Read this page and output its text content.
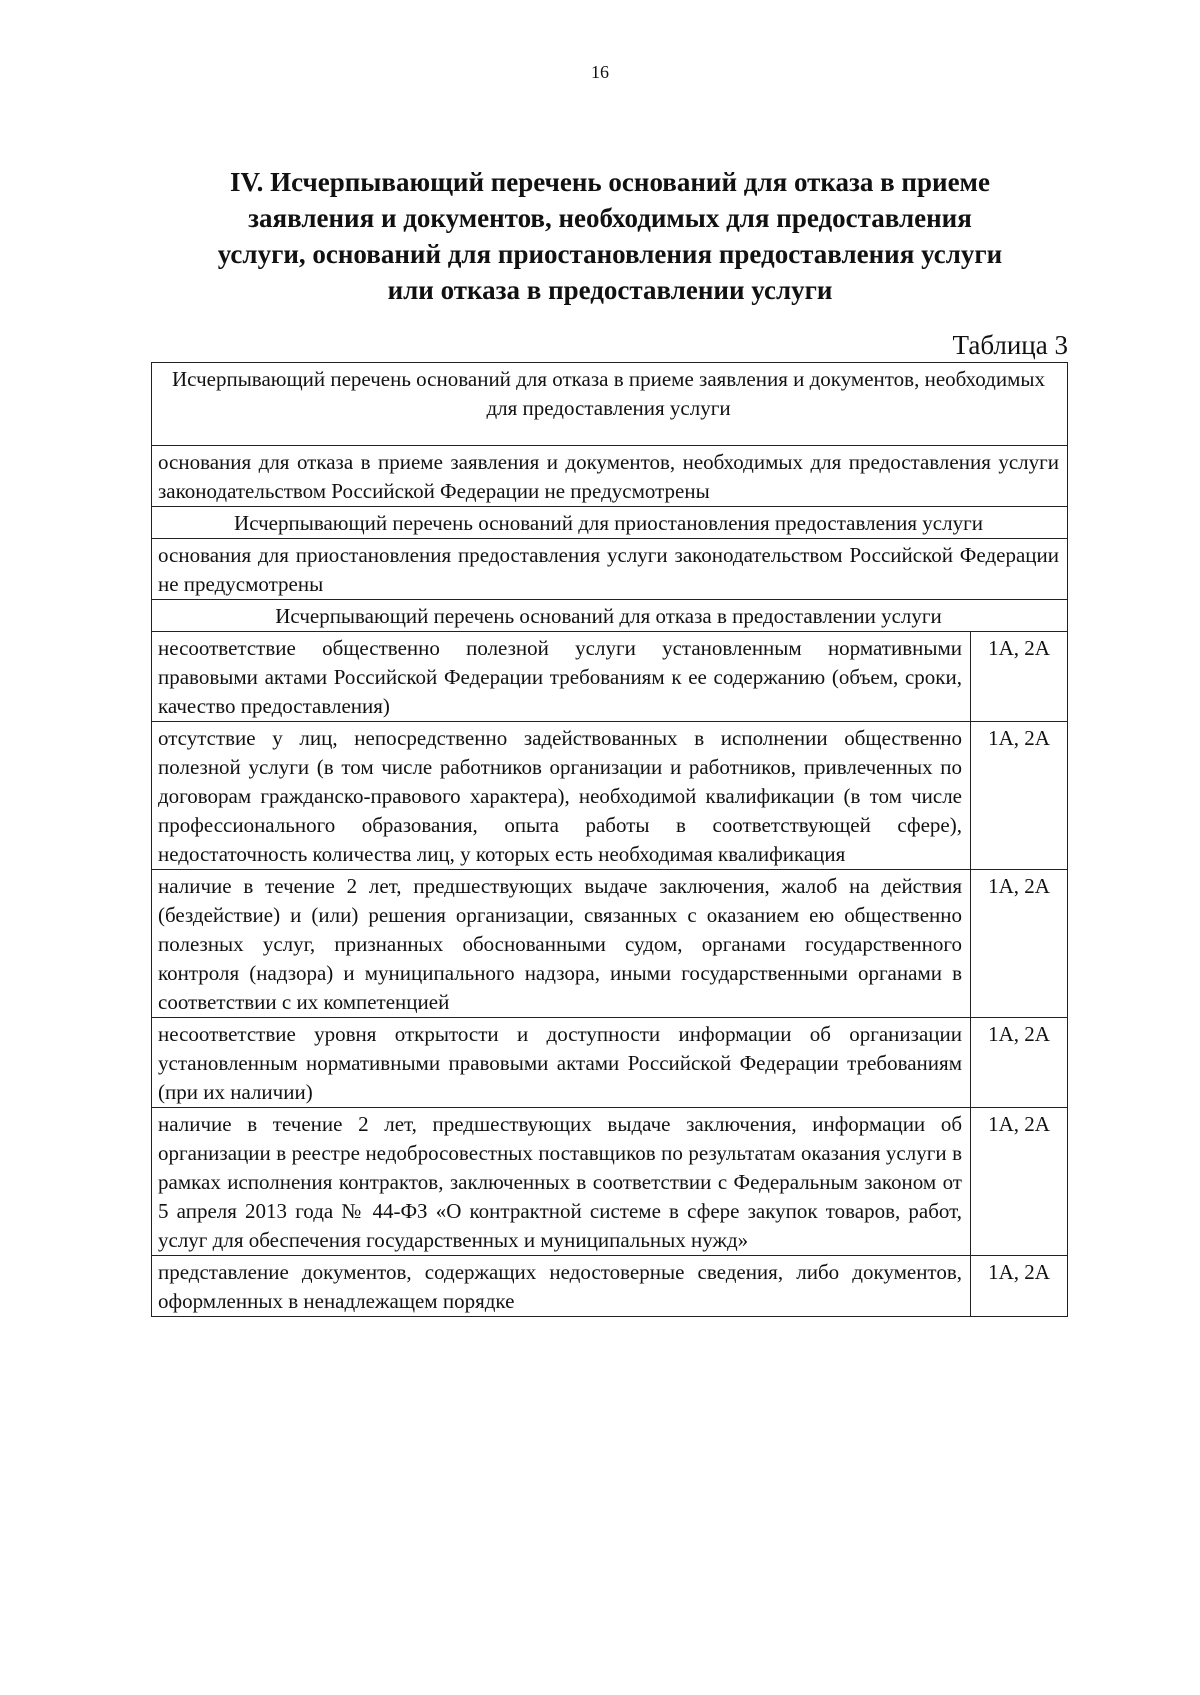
16
IV. Исчерпывающий перечень оснований для отказа в приеме
заявления и документов, необходимых для предоставления
услуги, оснований для приостановления предоставления услуги
или отказа в предоставлении услуги
Таблица 3
Исчерпывающий перечень оснований для отказа в приеме заявления и документов, необходимых для предоставления услуги	
основания для отказа в приеме заявления и документов, необходимых для предоставления услуги законодательством Российской Федерации не предусмотрены	
Исчерпывающий перечень оснований для приостановления предоставления услуги	
основания для приостановления предоставления услуги законодательством Российской Федерации не предусмотрены	
Исчерпывающий перечень оснований для отказа в предоставлении услуги	
несоответствие общественно полезной услуги установленным нормативными правовыми актами Российской Федерации требованиям к ее содержанию (объем, сроки, качество предоставления)	1А, 2А
отсутствие у лиц, непосредственно задействованных в исполнении общественно полезной услуги (в том числе работников организации и работников, привлеченных по договорам гражданско-правового характера), необходимой квалификации (в том числе профессионального образования, опыта работы в соответствующей сфере), недостаточность количества лиц, у которых есть необходимая квалификация	1А, 2А
наличие в течение 2 лет, предшествующих выдаче заключения, жалоб на действия (бездействие) и (или) решения организации, связанных с оказанием ею общественно полезных услуг, признанных обоснованными судом, органами государственного контроля (надзора) и муниципального надзора, иными государственными органами в соответствии с их компетенцией	1А, 2А
несоответствие уровня открытости и доступности информации об организации установленным нормативными правовыми актами Российской Федерации требованиям (при их наличии)	1А, 2А
наличие в течение 2 лет, предшествующих выдаче заключения, информации об организации в реестре недобросовестных поставщиков по результатам оказания услуги в рамках исполнения контрактов, заключенных в соответствии с Федеральным законом от 5 апреля 2013 года № 44-ФЗ «О контрактной системе в сфере закупок товаров, работ, услуг для обеспечения государственных и муниципальных нужд»	1А, 2А
представление документов, содержащих недостоверные сведения, либо документов, оформленных в ненадлежащем порядке	1А, 2А
